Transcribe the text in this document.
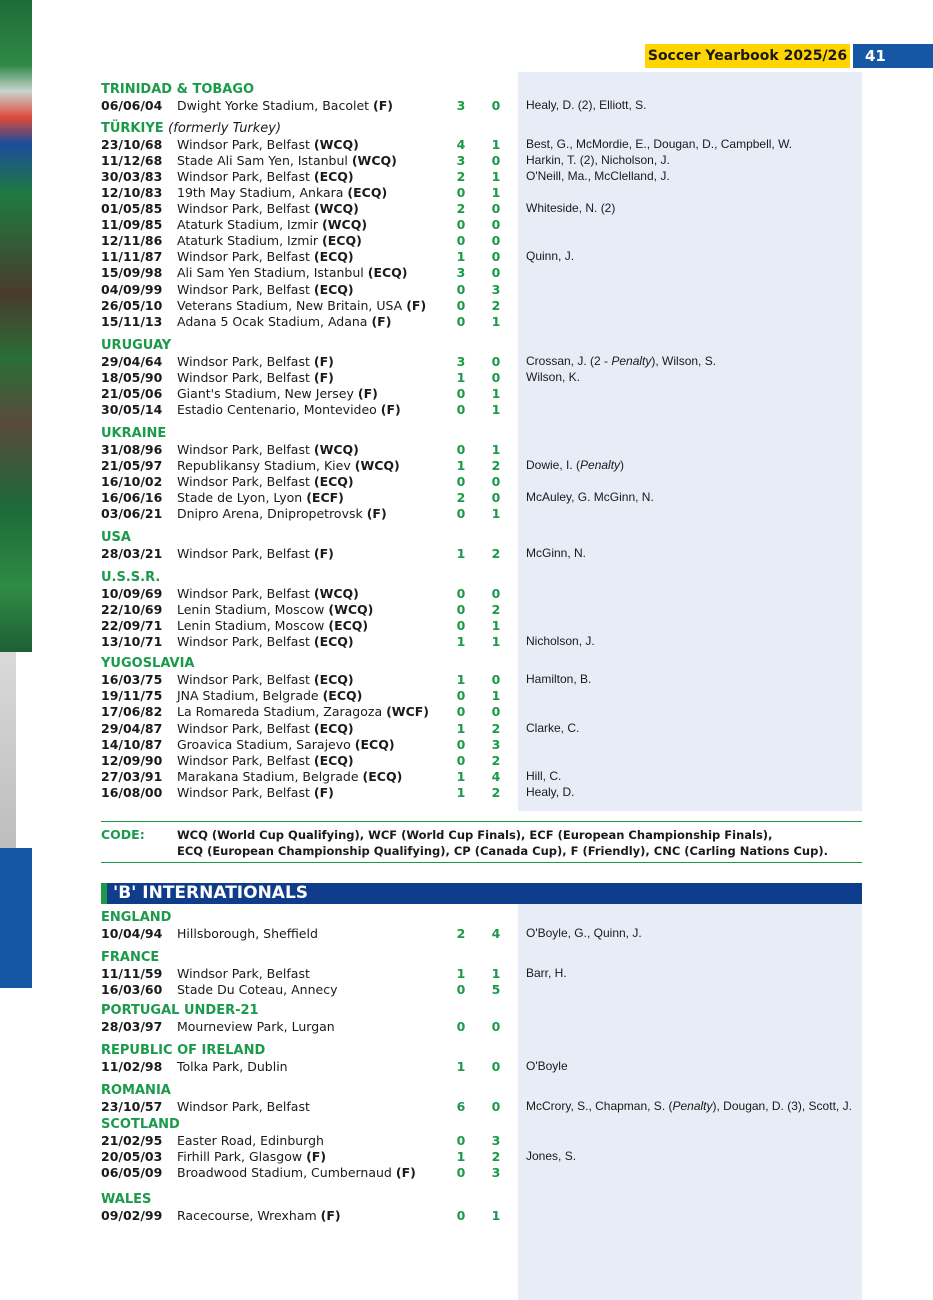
Soccer Yearbook 2025/26	41
TRINIDAD & TOBAGO
06/06/04 Dwight Yorke Stadium, Bacolet (F)	3 0 Healy, D. (2), Elliott, S.
TÜRKIYE (formerly Turkey)
23/10/68 Windsor Park, Belfast (WCQ)	4 1 Best, G., McMordie, E., Dougan, D., Campbell, W.
11/12/68 Stade Ali Sam Yen, Istanbul (WCQ)	3 0 Harkin, T. (2), Nicholson, J.
30/03/83 Windsor Park, Belfast (ECQ)	2 1 O'Neill, Ma., McClelland, J.
12/10/83 19th May Stadium, Ankara (ECQ)	0 1
01/05/85 Windsor Park, Belfast (WCQ)	2 0 Whiteside, N. (2)
11/09/85 Ataturk Stadium, Izmir (WCQ)	0 0
12/11/86 Ataturk Stadium, Izmir (ECQ)	0 0
11/11/87 Windsor Park, Belfast (ECQ)	1 0 Quinn, J.
15/09/98 Ali Sam Yen Stadium, Istanbul (ECQ)	3 0
04/09/99 Windsor Park, Belfast (ECQ)	0 3
26/05/10 Veterans Stadium, New Britain, USA (F) 0 2
15/11/13 Adana 5 Ocak Stadium, Adana (F)	0 1
URUGUAY
29/04/64 Windsor Park, Belfast (F)	3 0 Crossan, J. (2 - Penalty), Wilson, S.
18/05/90 Windsor Park, Belfast (F)	1 0 Wilson, K.
21/05/06 Giant's Stadium, New Jersey (F)	0 1
30/05/14 Estadio Centenario, Montevideo (F)	0 1
UKRAINE
31/08/96 Windsor Park, Belfast (WCQ)	0 1
21/05/97 Republikansy Stadium, Kiev (WCQ)	1 2 Dowie, I. (Penalty)
16/10/02 Windsor Park, Belfast (ECQ)	0 0
16/06/16 Stade de Lyon, Lyon (ECF)	2 0 McAuley, G. McGinn, N.
03/06/21 Dnipro Arena, Dnipropetrovsk (F)	0 1
USA
28/03/21 Windsor Park, Belfast (F)	1 2 McGinn, N.
U.S.S.R.
10/09/69 Windsor Park, Belfast (WCQ)	0 0
22/10/69 Lenin Stadium, Moscow (WCQ)	0 2
22/09/71 Lenin Stadium, Moscow (ECQ)	0 1
13/10/71 Windsor Park, Belfast (ECQ)	1 1 Nicholson, J.
YUGOSLAVIA
16/03/75 Windsor Park, Belfast (ECQ)	1 0 Hamilton, B.
19/11/75 JNA Stadium, Belgrade (ECQ)	0 1
17/06/82 La Romareda Stadium, Zaragoza (WCF) 0 0
29/04/87 Windsor Park, Belfast (ECQ)	1 2 Clarke, C.
14/10/87 Groavica Stadium, Sarajevo (ECQ)	0 3
12/09/90 Windsor Park, Belfast (ECQ)	0 2
27/03/91 Marakana Stadium, Belgrade (ECQ)	1 4 Hill, C.
16/08/00 Windsor Park, Belfast (F)	1 2 Healy, D.
CODE:	WCQ (World Cup Qualifying), WCF (World Cup Finals), ECF (European Championship Finals),
ECQ (European Championship Qualifying), CP (Canada Cup), F (Friendly), CNC (Carling Nations Cup).
'B' INTERNATIONALS
ENGLAND
10/04/94 Hillsborough, Sheffield	2 4 O'Boyle, G., Quinn, J.
FRANCE
11/11/59 Windsor Park, Belfast	1 1 Barr, H.
16/03/60 Stade Du Coteau, Annecy	0 5
PORTUGAL UNDER-21
28/03/97 Mourneview Park, Lurgan	0 0
REPUBLIC OF IRELAND
11/02/98 Tolka Park, Dublin	1 0 O'Boyle
ROMANIA
23/10/57 Windsor Park, Belfast	6 0 McCrory, S., Chapman, S. (Penalty), Dougan, D. (3), Scott, J.
SCOTLAND
21/02/95 Easter Road, Edinburgh	0 3
20/05/03 Firhill Park, Glasgow (F)	1 2 Jones, S.
06/05/09 Broadwood Stadium, Cumbernaud (F)	0 3
WALES
09/02/99 Racecourse, Wrexham (F)	0 1
